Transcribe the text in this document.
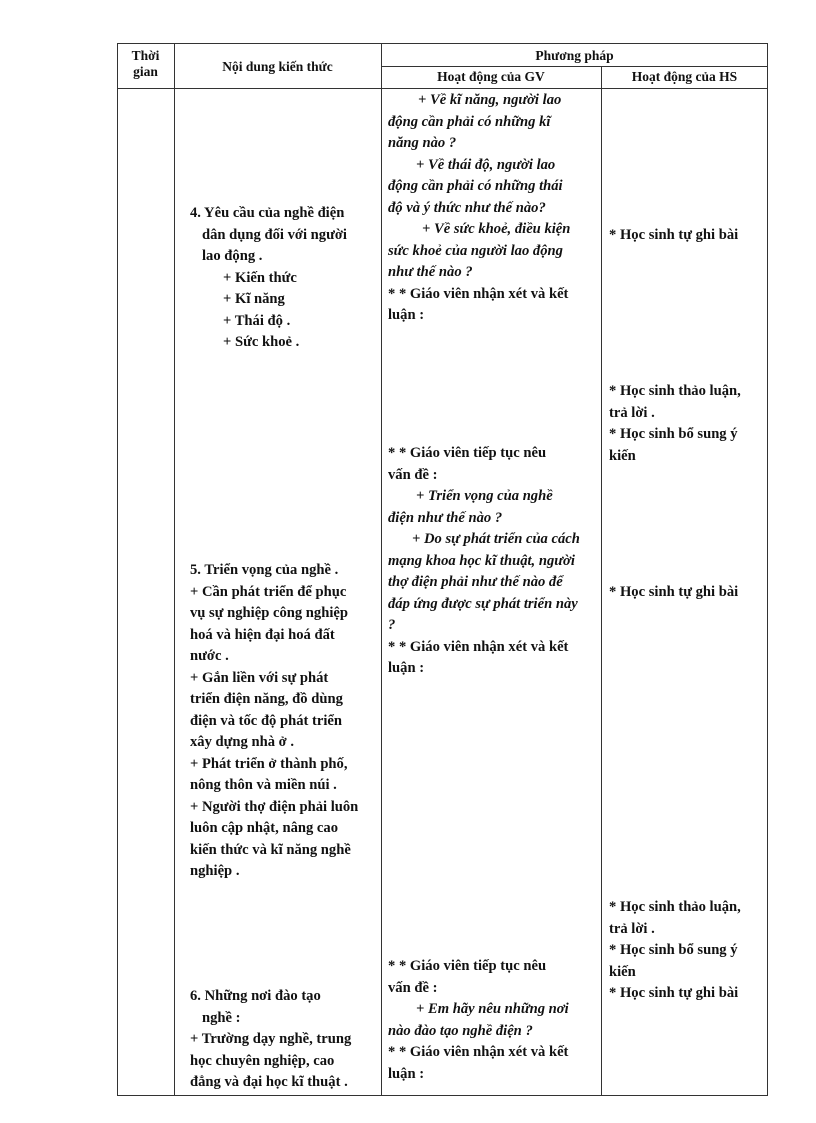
Thời
gian	Nội dung kiến thức
Phương pháp
Hoạt động của GV	Hoạt động của HS
4. Yêu cầu của nghề điện
dân dụng đối với người
lao động .
+ Kiến thức
+ Kĩ năng
+ Thái độ .
+ Sức khoẻ .
5. Triển vọng của nghề .
+ Cần phát triển để phục
vụ sự nghiệp công nghiệp
hoá và hiện đại hoá đất
nước .
+ Gắn liền với sự phát
triển điện năng, đồ dùng
điện và tốc độ phát triển
xây dựng nhà ở .
+ Phát triển ở thành phố,
nông thôn và miền núi .
+ Người thợ điện phải luôn
luôn cập nhật, nâng cao
kiến thức và kĩ năng nghề
nghiệp .
6. Những nơi đào tạo
nghề :
+ Trường dạy nghề, trung
học chuyên nghiệp, cao
đẳng và đại học kĩ thuật .
+ Về kĩ năng, người lao
động cần phải có những kĩ
năng nào ?
+ Về thái độ, người lao
động cần phải có những thái
độ và ý thức như thế nào?
+ Về sức khoẻ, điều kiện
sức khoẻ của người lao động
như thế nào ?
* * Giáo viên nhận xét và kết
luận :
* * Giáo viên tiếp tục nêu
vấn đề :
+ Triển vọng của nghề
điện như thế nào ?
+ Do sự phát triển của cách
mạng khoa học kĩ thuật, người
thợ điện phải như thế nào để
đáp ứng được sự phát triển này
?
* * Giáo viên nhận xét và kết
luận :
* * Giáo viên tiếp tục nêu
vấn đề :
+ Em hãy nêu những nơi
nào đào tạo nghề điện ?
* * Giáo viên nhận xét và kết
luận :
* Học sinh tự ghi bài
* Học sinh thảo luận,
trả lời .
* Học sinh bổ sung ý
kiến
* Học sinh tự ghi bài
* Học sinh thảo luận,
trả lời .
* Học sinh bổ sung ý
kiến
* Học sinh tự ghi bài
